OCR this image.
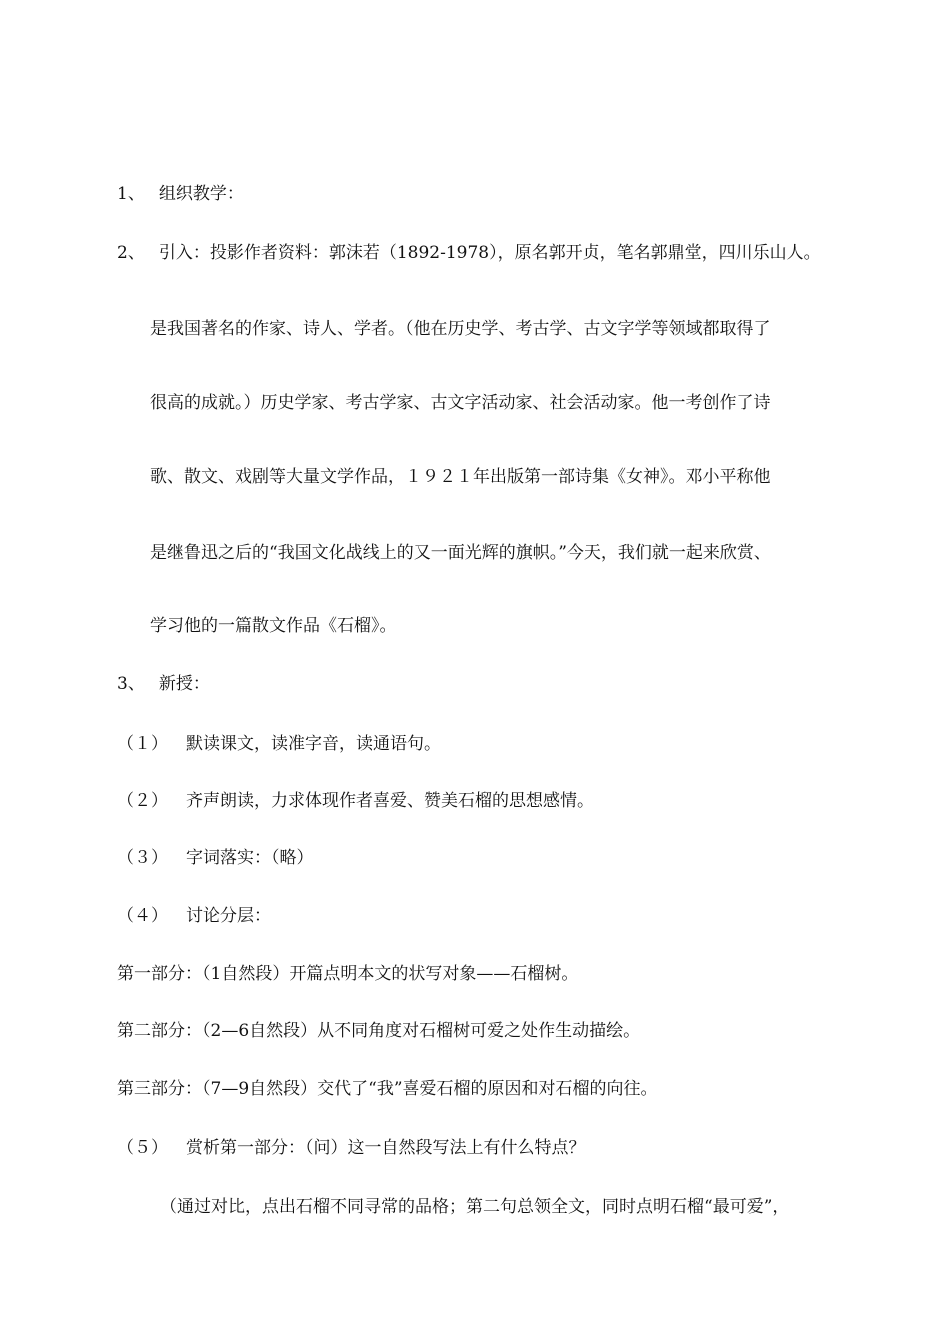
1、 组织教学：
2、 引入：投影作者资料：郭沫若（1892-1978），原名郭开贞，笔名郭鼎堂，四川乐山人。
是我国著名的作家、诗人、学者。（他在历史学、考古学、古文字学等领域都取得了
很高的成就。）历史学家、考古学家、古文字活动家、社会活动家。他一考创作了诗
歌、散文、戏剧等大量文学作品，１９２１年出版第一部诗集《女神》。邓小平称他
是继鲁迅之后的“我国文化战线上的又一面光辉的旗帜。”今天，我们就一起来欣赏、
学习他的一篇散文作品《石榴》。
3、 新授：
（１） 默读课文，读准字音，读通语句。
（２） 齐声朗读，力求体现作者喜爱、赞美石榴的思想感情。
（３） 字词落实：（略）
（４） 讨论分层：
第一部分：（1自然段）开篇点明本文的状写对象——石榴树。
第二部分：（2—6自然段）从不同角度对石榴树可爱之处作生动描绘。
第三部分：（7—9自然段）交代了“我”喜爱石榴的原因和对石榴的向往。
（５） 赏析第一部分：（问）这一自然段写法上有什么特点？
（通过对比，点出石榴不同寻常的品格；第二句总领全文，同时点明石榴“最可爱”，
